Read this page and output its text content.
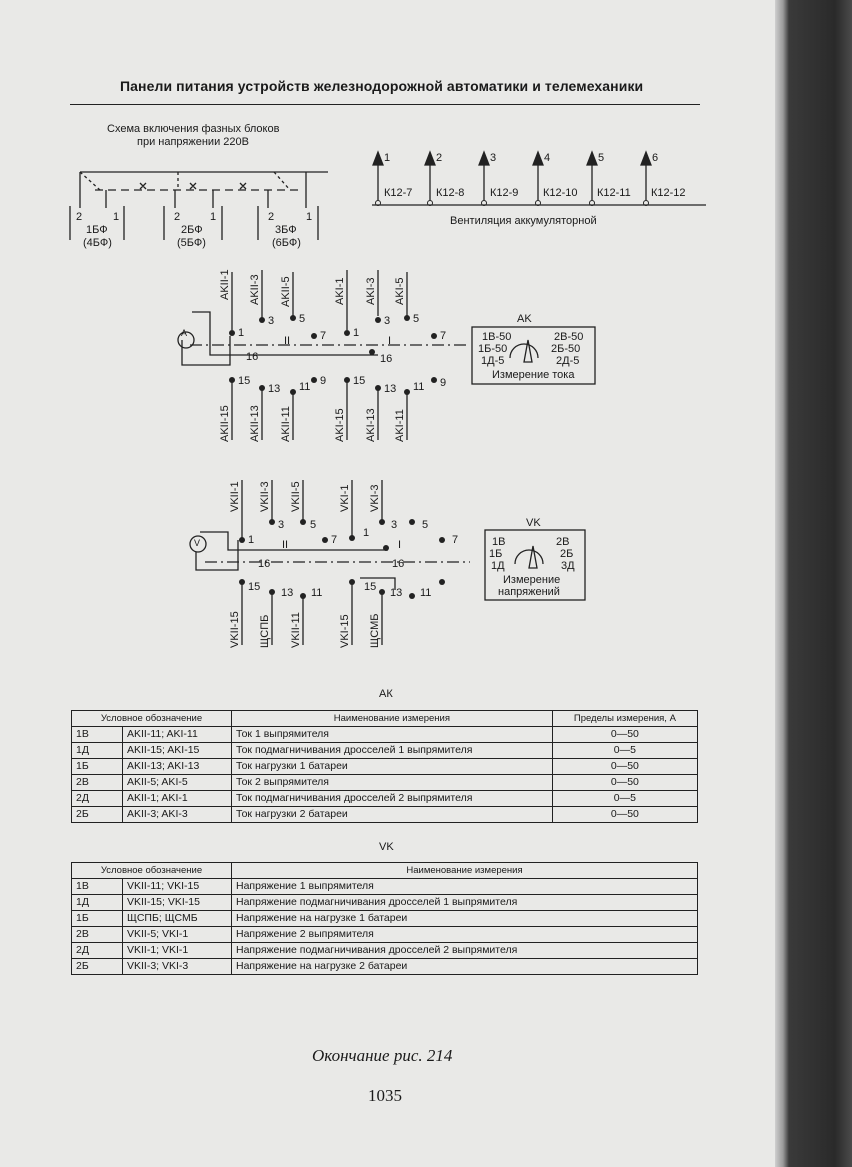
Панели питания устройств железнодорожной автоматики и телемеханики
Схема включения фазных блоков
при напряжении 220В
2	1
1БФ
(4БФ)
2	1
2БФ
(5БФ)
2	1
3БФ
(6БФ)
1
К12-7
2
К12-8
3
К12-9
4
К12-10
5
К12-11
6
К12-12
Вентиляция аккумуляторной
AKII-1 AKII-3 AKII-5	AKI-1 AKI-3 AKI-5
AKII-15 AKII-13 AKII-11	AKI-15 AKI-13 AKI-11
A	1
3 5
7 1
3 5
7
II	I
16	16
15
13 11 9 15
13 11 9
AK
1В-50
1Б-50
1Д-5
2В-50
2Б-50
2Д-5
Измерение тока
VKII-1 VKII-3 VKII-5	VKI-1 VKI-3
VKII-15 ЩСПБ VKII-11	VKI-15 ЩСМБ
V	1
3 5
7
1
3 5
7
II	I
16	16
15 13 11	15 13 11
VK
1В
1Б
1Д
2В
2Б
3Д
Измерение
напряжений
АК
Условное обозначение		Наименование измерения	Пределы измерения, А
1В	AKII-11; AKI-11	Ток 1 выпрямителя	0—50
1Д	AKII-15; AKI-15	Ток подмагничивания дросселей 1 выпрямителя	0—5
1Б	AKII-13; AKI-13	Ток нагрузки 1 батареи	0—50
2В	AKII-5; AKI-5	Ток 2 выпрямителя	0—50
2Д	AKII-1; AKI-1	Ток подмагничивания дросселей 2 выпрямителя	0—5
2Б	AKII-3; AKI-3	Ток нагрузки 2 батареи	0—50
VK
Условное обозначение		Наименование измерения
1В	VKII-11; VKI-15	Напряжение 1 выпрямителя
1Д	VKII-15; VKI-15	Напряжение подмагничивания дросселей 1 выпрямителя
1Б	ЩСПБ; ЩСМБ	Напряжение на нагрузке 1 батареи
2В	VKII-5; VKI-1	Напряжение 2 выпрямителя
2Д	VKII-1; VKI-1	Напряжение подмагничивания дросселей 2 выпрямителя
2Б	VKII-3; VKI-3	Напряжение на нагрузке 2 батареи
Окончание рис. 214
1035
